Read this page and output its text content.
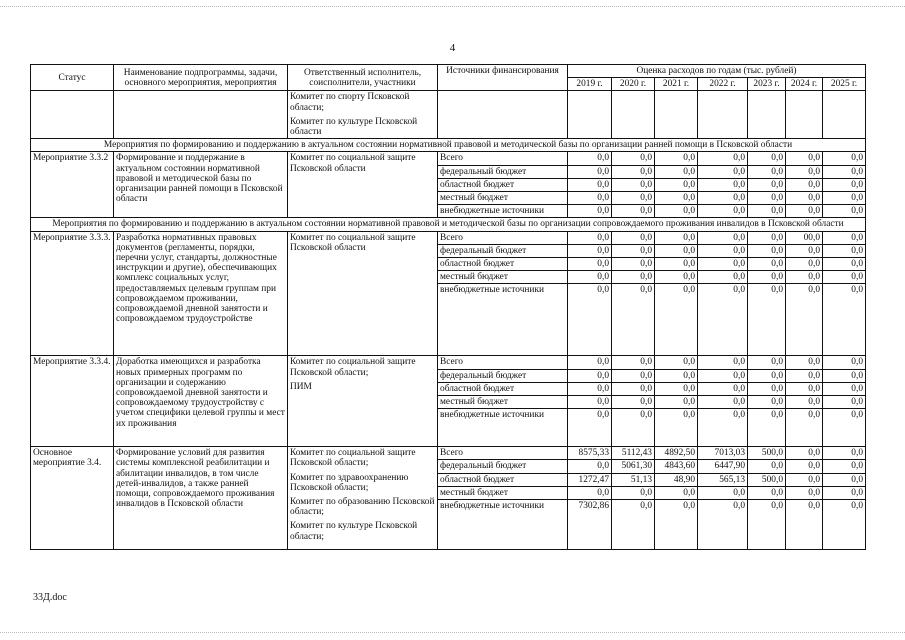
4
Статус	Наименование подпрограммы, задачи, основного мероприятия, мероприятия	Ответственный исполнитель, соисполнители, участники	Источники финансирования	Оценка расходов по годам (тыс. рублей)						
				2019 г.	2020 г.	2021 г.	2022 г.	2023 г.	2024 г.	2025 г.

		Комитет по спорту Псковской области;
Комитет по культуре Псковской области								

Мероприятия по формированию и поддержанию в актуальном состоянии нормативной правовой и методической базы по организации ранней помощи в Псковской области										
Мероприятие 3.3.2	Формирование и поддержание в актуальном состоянии нормативной правовой и методической базы по организации ранней помощи в Псковской области	Комитет по социальной защите Псковской области	Всего	0,0	0,0	0,0	0,0	0,0	0,0	0,0
			федеральный бюджет	0,0	0,0	0,0	0,0	0,0	0,0	0,0
			областной бюджет	0,0	0,0	0,0	0,0	0,0	0,0	0,0
			местный бюджет	0,0	0,0	0,0	0,0	0,0	0,0	0,0
			внебюджетные источники	0,0	0,0	0,0	0,0	0,0	0,0	0,0
Мероприятия по формированию и поддержанию в актуальном состоянии нормативной правовой и методической базы по организации сопровождаемого проживания инвалидов в Псковской области										
Мероприятие 3.3.3.	Разработка нормативных правовых документов (регламенты, порядки, перечни услуг, стандарты, должностные инструкции и другие), обеспечивающих комплекс социальных услуг, предоставляемых целевым группам при сопровождаемом проживании, сопровождаемой дневной занятости и сопровождаемом трудоустройстве	Комитет по социальной защите Псковской области	Всего	0,0	0,0	0,0	0,0	0,0	00,0	0,0
			федеральный бюджет	0,0	0,0	0,0	0,0	0,0	0,0	0,0
			областной бюджет	0,0	0,0	0,0	0,0	0,0	0,0	0,0
			местный бюджет	0,0	0,0	0,0	0,0	0,0	0,0	0,0
			внебюджетные источники	0,0	0,0	0,0	0,0	0,0	0,0	0,0
Мероприятие 3.3.4.	Доработка имеющихся и разработка новых примерных программ по организации и содержанию сопровождаемой дневной занятости и сопровождаемому трудоустройству с учетом специфики целевой группы и мест их проживания	Комитет по социальной защите Псковской области;
ПИМ	Всего	0,0	0,0	0,0	0,0	0,0	0,0	0,0
			федеральный бюджет	0,0	0,0	0,0	0,0	0,0	0,0	0,0
			областной бюджет	0,0	0,0	0,0	0,0	0,0	0,0	0,0
			местный бюджет	0,0	0,0	0,0	0,0	0,0	0,0	0,0
			внебюджетные источники	0,0	0,0	0,0	0,0	0,0	0,0	0,0
Основное мероприятие 3.4.	Формирование условий для развития системы комплексной реабилитации и абилитации инвалидов, в том числе детей-инвалидов, а также ранней помощи, сопровождаемого проживания инвалидов в Псковской области	Комитет по социальной защите Псковской области;
Комитет по здравоохранению Псковской области;
Комитет по образованию Псковской области;
Комитет по культуре Псковской области;	Всего	8575,33	5112,43	4892,50	7013,03	500,0	0,0	0,0
			федеральный бюджет	0,0	5061,30	4843,60	6447,90	0,0	0,0	0,0
			областной бюджет	1272,47	51,13	48,90	565,13	500,0	0,0	0,0
			местный бюджет	0,0	0,0	0,0	0,0	0,0	0,0	0,0
			внебюджетные источники	7302,86	0,0	0,0	0,0	0,0	0,0	0,0
33Д.doc
